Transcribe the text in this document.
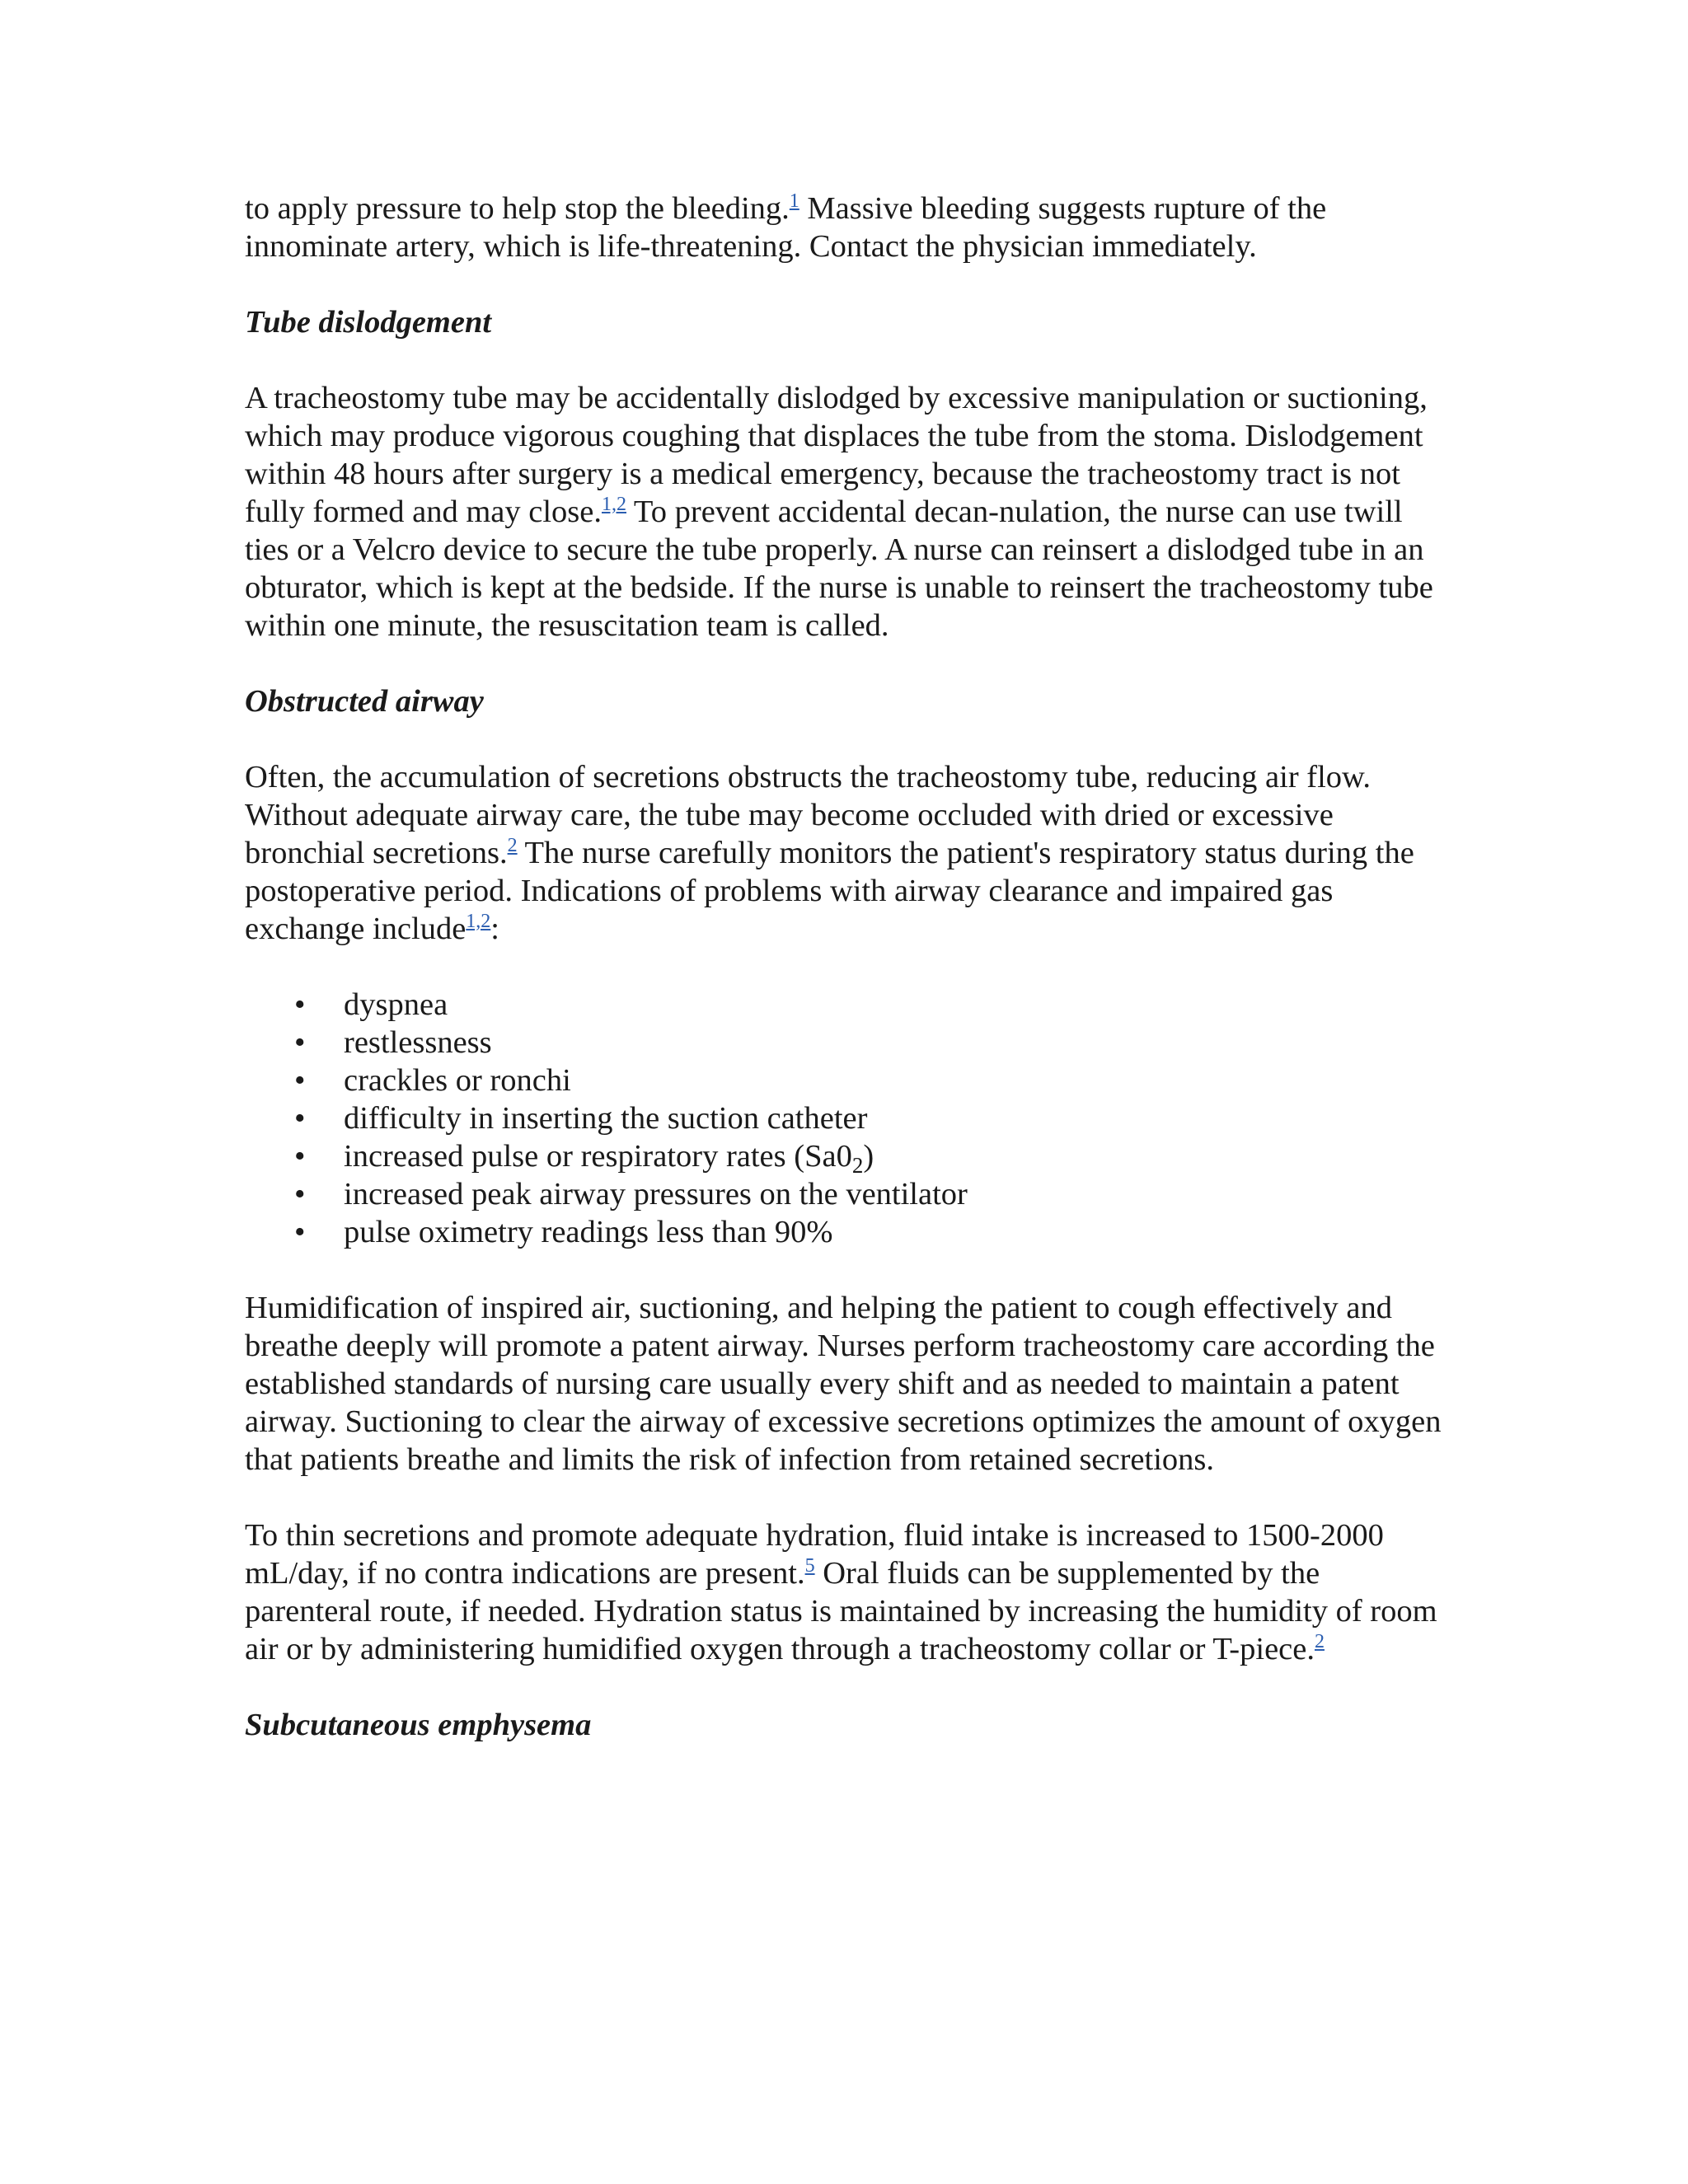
to apply pressure to help stop the bleeding.$^1$ Massive bleeding suggests rupture of the innominate artery, which is life-threatening. Contact the physician immediately.

Tube dislodgement

A tracheostomy tube may be accidentally dislodged by excessive manipulation or suctioning, which may produce vigorous coughing that displaces the tube from the stoma. Dislodgement within 48 hours after surgery is a medical emergency, because the tracheostomy tract is not fully formed and may close.$^{1,2}$ To prevent accidental decan-nulation, the nurse can use twill ties or a Velcro device to secure the tube properly. A nurse can reinsert a dislodged tube in an obturator, which is kept at the bedside. If the nurse is unable to reinsert the tracheostomy tube within one minute, the resuscitation team is called.

Obstructed airway

Often, the accumulation of secretions obstructs the tracheostomy tube, reducing air flow. Without adequate airway care, the tube may become occluded with dried or excessive bronchial secretions.$^2$ The nurse carefully monitors the patient's respiratory status during the postoperative period. Indications of problems with airway clearance and impaired gas exchange include$^{1,2}$:

• dyspnea
• restlessness
• crackles or ronchi
• difficulty in inserting the suction catheter
• increased pulse or respiratory rates $(Sa0_2)$
• increased peak airway pressures on the ventilator
• pulse oximetry readings less than 90%

Humidification of inspired air, suctioning, and helping the patient to cough effectively and breathe deeply will promote a patent airway. Nurses perform tracheostomy care according the established standards of nursing care usually every shift and as needed to maintain a patent airway. Suctioning to clear the airway of excessive secretions optimizes the amount of oxygen that patients breathe and limits the risk of infection from retained secretions.

To thin secretions and promote adequate hydration, fluid intake is increased to 1500-2000 mL/day, if no contra indications are present.$^5$ Oral fluids can be supplemented by the parenteral route, if needed. Hydration status is maintained by increasing the humidity of room air or by administering humidified oxygen through a tracheostomy collar or T-piece.$^2$

Subcutaneous emphysema
